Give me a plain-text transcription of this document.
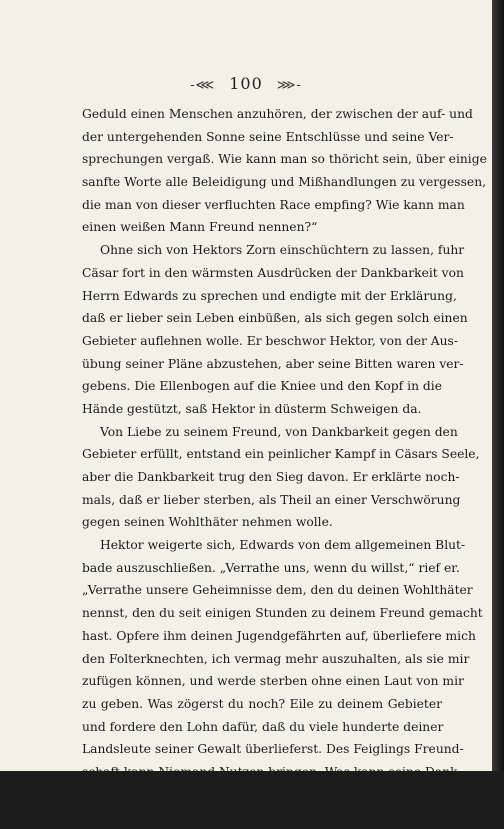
-⋘ 100 ⋙-
Geduld einen Menschen anzuhören, der zwischen der auf- und
der untergehenden Sonne seine Entschlüsse und seine Ver-
sprechungen vergaß. Wie kann man so thöricht sein, über einige
sanfte Worte alle Beleidigung und Mißhandlungen zu vergessen,
die man von dieser verfluchten Race empfing? Wie kann man
einen weißen Mann Freund nennen?“
Ohne sich von Hektors Zorn einschüchtern zu lassen, fuhr
Cäsar fort in den wärmsten Ausdrücken der Dankbarkeit von
Herrn Edwards zu sprechen und endigte mit der Erklärung,
daß er lieber sein Leben einbüßen, als sich gegen solch einen
Gebieter auflehnen wolle. Er beschwor Hektor, von der Aus-
übung seiner Pläne abzustehen, aber seine Bitten waren ver-
gebens. Die Ellenbogen auf die Kniee und den Kopf in die
Hände gestützt, saß Hektor in düsterm Schweigen da.
Von Liebe zu seinem Freund, von Dankbarkeit gegen den
Gebieter erfüllt, entstand ein peinlicher Kampf in Cäsars Seele,
aber die Dankbarkeit trug den Sieg davon. Er erklärte noch-
mals, daß er lieber sterben, als Theil an einer Verschwörung
gegen seinen Wohlthäter nehmen wolle.
Hektor weigerte sich, Edwards von dem allgemeinen Blut-
bade auszuschließen. „Verrathe uns, wenn du willst,“ rief er.
„Verrathe unsere Geheimnisse dem, den du deinen Wohlthäter
nennst, den du seit einigen Stunden zu deinem Freund gemacht
hast. Opfere ihm deinen Jugendgefährten auf, überliefere mich
den Folterknechten, ich vermag mehr auszuhalten, als sie mir
zufügen können, und werde sterben ohne einen Laut von mir
zu geben. Was zögerst du noch? Eile zu deinem Gebieter
und fordere den Lohn dafür, daß du viele hunderte deiner
Landsleute seiner Gewalt überlieferst. Des Feiglings Freund-
schaft kann Niemand Nutzen bringen. Was kann seine Dank-
barkeit werth sein? Wer wird seine Rache fürchten?“
Hektor hatte die Stimme so sehr erhoben, daß er den
